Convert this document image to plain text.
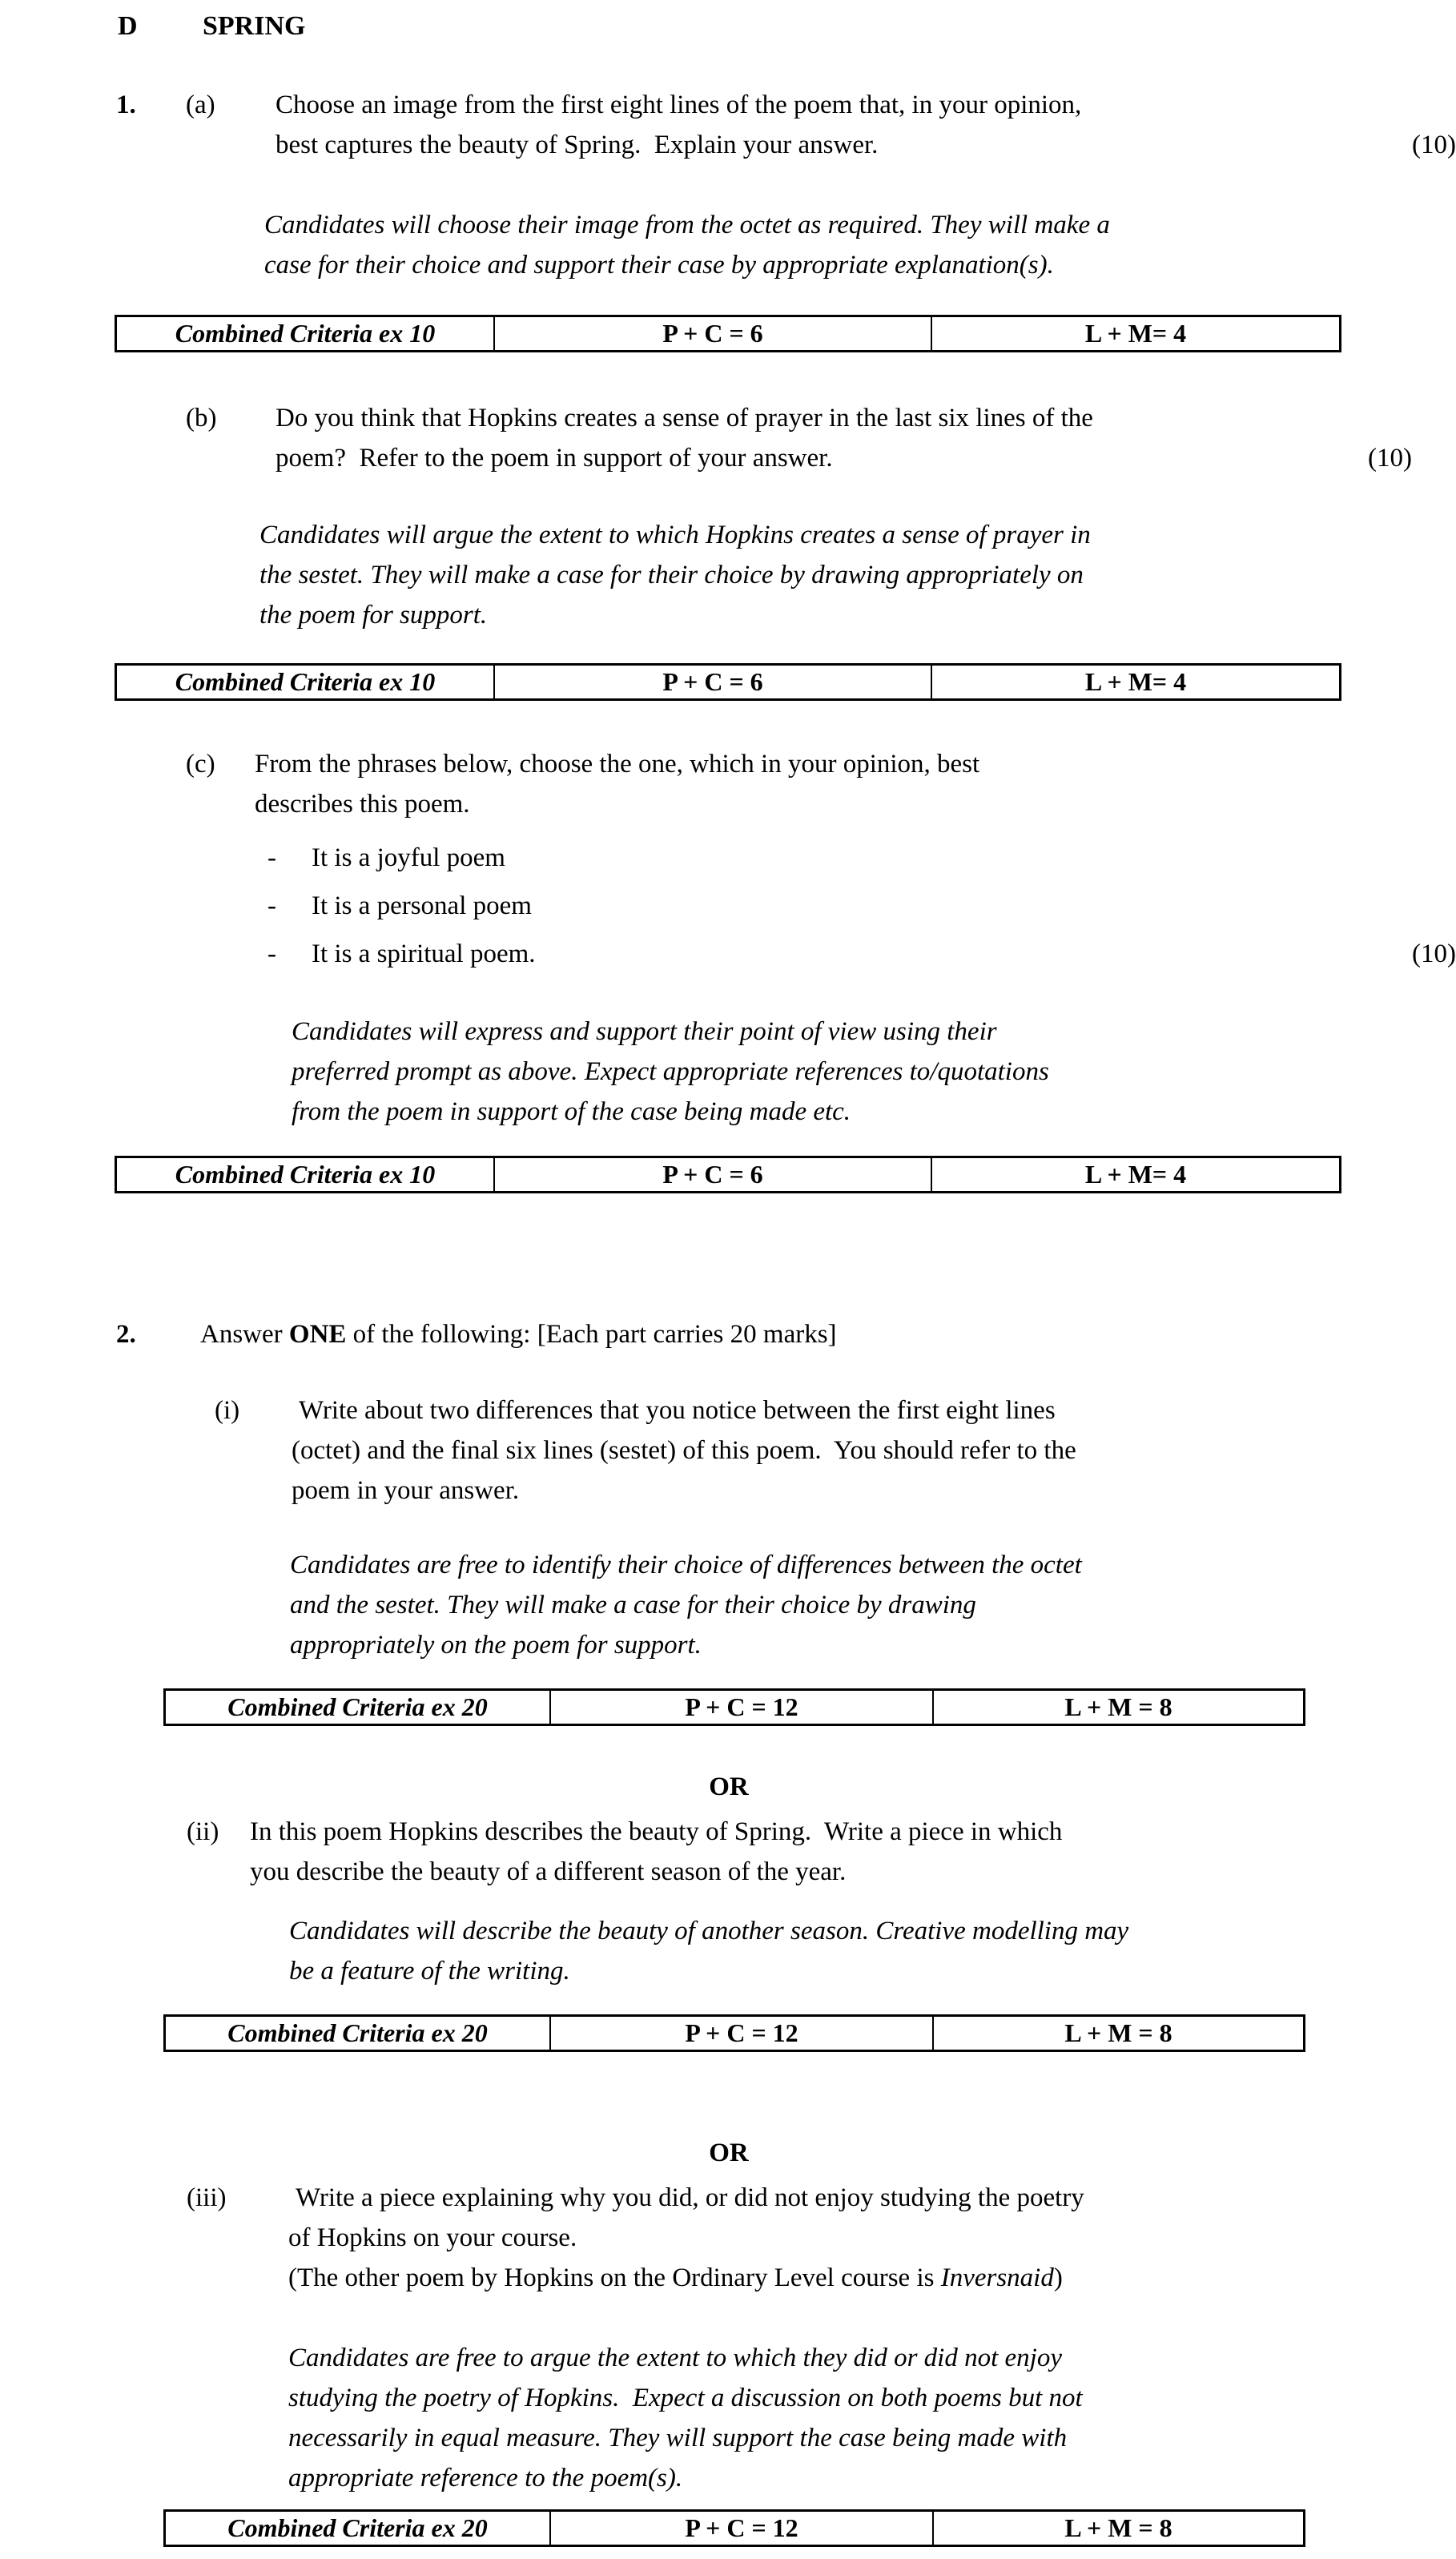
D	SPRING
1.	(a)	Choose an image from the first eight lines of the poem that, in your opinion,
best captures the beauty of Spring.  Explain your answer.	(10)
Candidates will choose their image from the octet as required. They will make a
case for their choice and support their case by appropriate explanation(s).
Combined Criteria ex 10	P + C = 6	L + M= 4
(b)	Do you think that Hopkins creates a sense of prayer in the last six lines of the
poem?  Refer to the poem in support of your answer.	(10)
Candidates will argue the extent to which Hopkins creates a sense of prayer in
the sestet. They will make a case for their choice by drawing appropriately on
the poem for support.
Combined Criteria ex 10	P + C = 6	L + M= 4
(c)	From the phrases below, choose the one, which in your opinion, best
describes this poem.
-	It is a joyful poem
-	It is a personal poem
-	It is a spiritual poem.	(10)
Candidates will express and support their point of view using their
preferred prompt as above. Expect appropriate references to/quotations
from the poem in support of the case being made etc.
Combined Criteria ex 10	P + C = 6	L + M= 4
2.	Answer ONE of the following: [Each part carries 20 marks]
(i)	Write about two differences that you notice between the first eight lines
(octet) and the final six lines (sestet) of this poem.  You should refer to the
poem in your answer.
Candidates are free to identify their choice of differences between the octet
and the sestet. They will make a case for their choice by drawing
appropriately on the poem for support.
Combined Criteria ex 20	P + C = 12	L + M = 8
OR
(ii)	In this poem Hopkins describes the beauty of Spring.  Write a piece in which
you describe the beauty of a different season of the year.
Candidates will describe the beauty of another season. Creative modelling may
be a feature of the writing.
Combined Criteria ex 20	P + C = 12	L + M = 8
OR
(iii)	Write a piece explaining why you did, or did not enjoy studying the poetry
of Hopkins on your course.
(The other poem by Hopkins on the Ordinary Level course is Inversnaid)
Candidates are free to argue the extent to which they did or did not enjoy
studying the poetry of Hopkins.  Expect a discussion on both poems but not
necessarily in equal measure. They will support the case being made with
appropriate reference to the poem(s).
Combined Criteria ex 20	P + C = 12	L + M = 8
